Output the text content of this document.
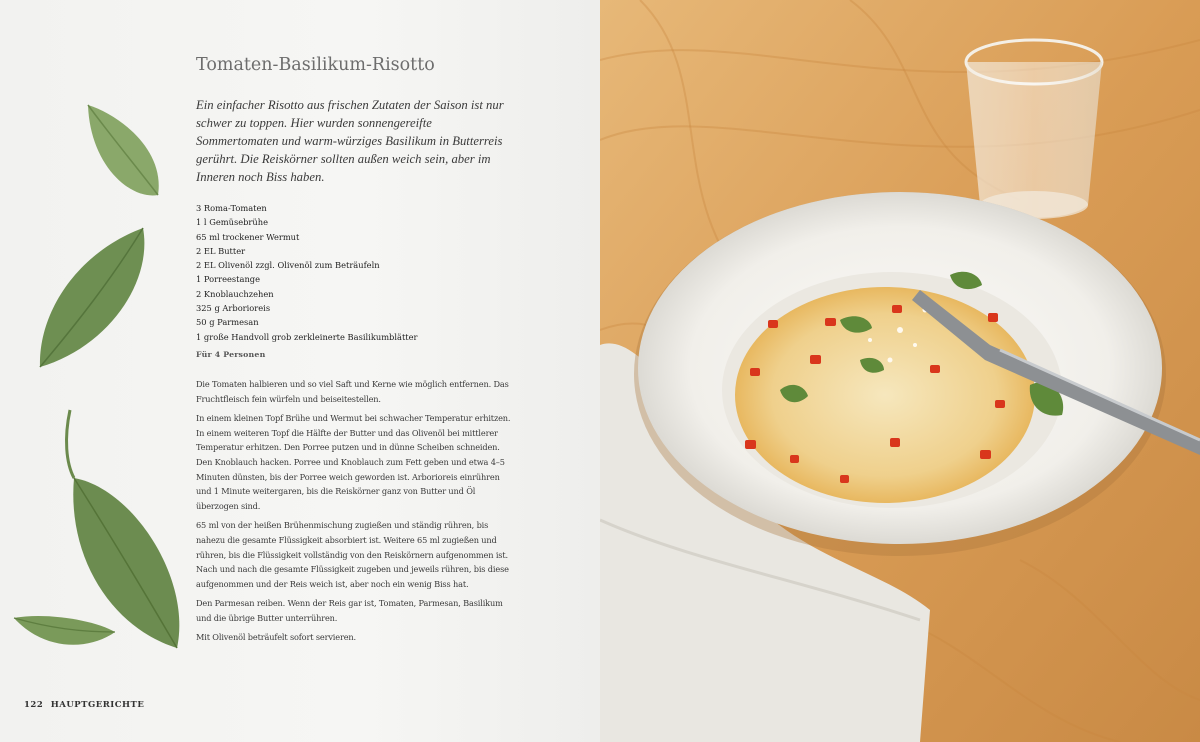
Tomaten-Basilikum-Risotto

Ein einfacher Risotto aus frischen Zutaten der Saison ist nur schwer zu toppen. Hier wurden sonnengereifte Sommertomaten und warm-würziges Basilikum in Butterreis gerührt. Die Reiskörner sollten außen weich sein, aber im Inneren noch Biss haben.

3 Roma-Tomaten
1 l Gemüsebrühe
65 ml trockener Wermut
2 EL Butter
2 EL Olivenöl zzgl. Olivenöl zum Beträufeln
1 Porreestange
2 Knoblauchzehen
325 g Arborioreis
50 g Parmesan
1 große Handvoll grob zerkleinerte Basilikumblätter

Für 4 Personen

Die Tomaten halbieren und so viel Saft und Kerne wie möglich entfernen. Das Fruchtfleisch fein würfeln und beiseitestellen.

In einem kleinen Topf Brühe und Wermut bei schwacher Temperatur erhitzen. In einem weiteren Topf die Hälfte der Butter und das Olivenöl bei mittlerer Temperatur erhitzen. Den Porree putzen und in dünne Scheiben schneiden. Den Knoblauch hacken. Porree und Knoblauch zum Fett geben und etwa 4–5 Minuten dünsten, bis der Porree weich geworden ist. Arborioreis einrühren und 1 Minute weitergaren, bis die Reiskörner ganz von Butter und Öl überzogen sind.

65 ml von der heißen Brühenmischung zugießen und ständig rühren, bis nahezu die gesamte Flüssigkeit absorbiert ist. Weitere 65 ml zugießen und rühren, bis die Flüssigkeit vollständig von den Reiskörnern aufgenommen ist. Nach und nach die gesamte Flüssigkeit zugeben und jeweils rühren, bis diese aufgenommen und der Reis weich ist, aber noch ein wenig Biss hat.

Den Parmesan reiben. Wenn der Reis gar ist, Tomaten, Parmesan, Basilikum und die übrige Butter unterrühren.

Mit Olivenöl beträufelt sofort servieren.

122 HAUPTGERICHTE
